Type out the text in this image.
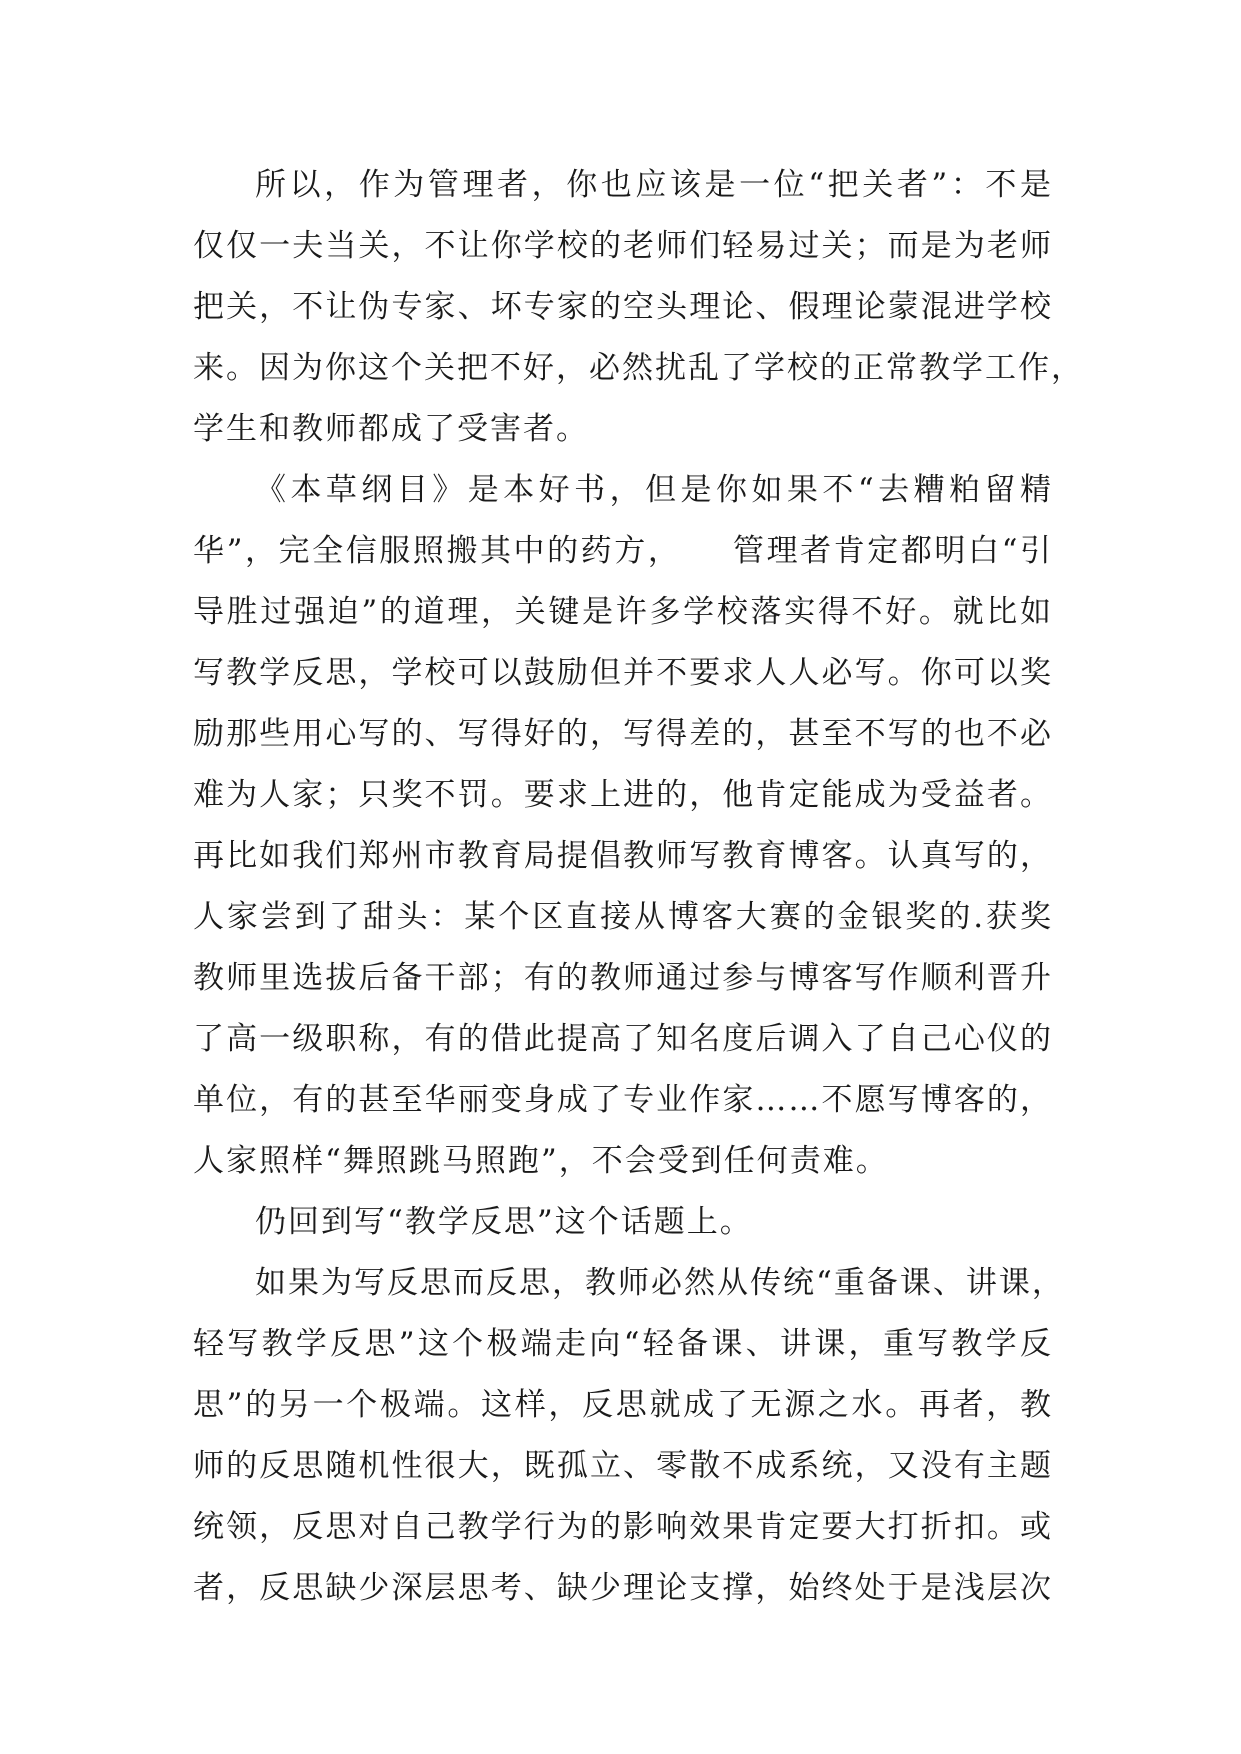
所以，作为管理者，你也应该是一位“把关者”：不是

仅仅一夫当关，不让你学校的老师们轻易过关；而是为老师

把关，不让伪专家、坏专家的空头理论、假理论蒙混进学校

来。因为你这个关把不好，必然扰乱了学校的正常教学工作，

学生和教师都成了受害者。

《本草纲目》是本好书，但是你如果不“去糟粕留精

华”，完全信服照搬其中的药方，　　管理者肯定都明白“引

导胜过强迫”的道理，关键是许多学校落实得不好。就比如

写教学反思，学校可以鼓励但并不要求人人必写。你可以奖

励那些用心写的、写得好的，写得差的，甚至不写的也不必

难为人家；只奖不罚。要求上进的，他肯定能成为受益者。

再比如我们郑州市教育局提倡教师写教育博客。认真写的，

人家尝到了甜头：某个区直接从博客大赛的金银奖的.获奖

教师里选拔后备干部；有的教师通过参与博客写作顺利晋升

了高一级职称，有的借此提高了知名度后调入了自己心仪的

单位，有的甚至华丽变身成了专业作家……不愿写博客的，

人家照样“舞照跳马照跑”，不会受到任何责难。

仍回到写“教学反思”这个话题上。

如果为写反思而反思，教师必然从传统“重备课、讲课，

轻写教学反思”这个极端走向“轻备课、讲课，重写教学反

思”的另一个极端。这样，反思就成了无源之水。再者，教

师的反思随机性很大，既孤立、零散不成系统，又没有主题

统领，反思对自己教学行为的影响效果肯定要大打折扣。或

者，反思缺少深层思考、缺少理论支撑，始终处于是浅层次
